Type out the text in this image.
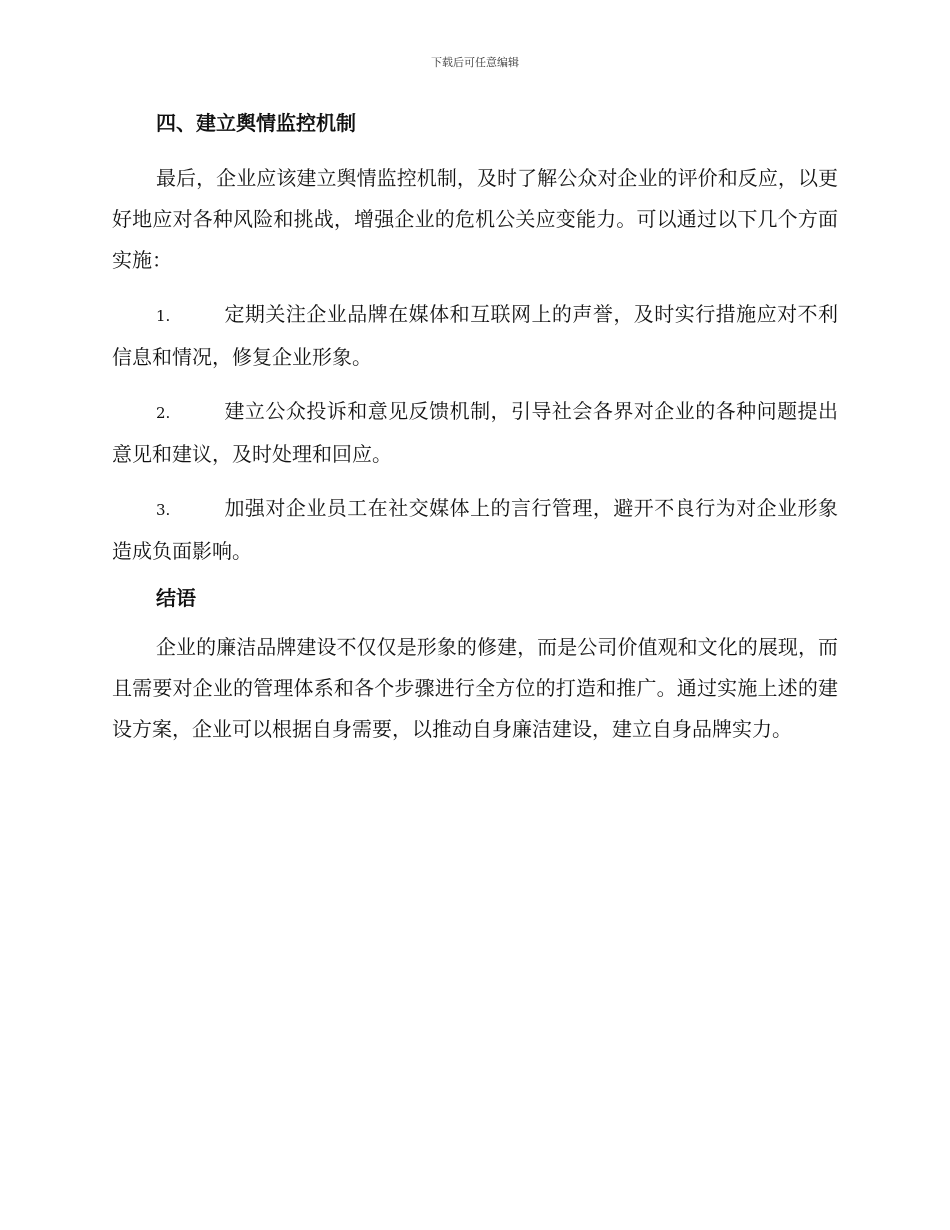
下载后可任意编辑
四、建立舆情监控机制

最后，企业应该建立舆情监控机制，及时了解公众对企业的评价和反应，以更好地应对各种风险和挑战，增强企业的危机公关应变能力。可以通过以下几个方面实施：

1.	定期关注企业品牌在媒体和互联网上的声誉，及时实行措施应对不利信息和情况，修复企业形象。

2.	建立公众投诉和意见反馈机制，引导社会各界对企业的各种问题提出意见和建议，及时处理和回应。

3.	加强对企业员工在社交媒体上的言行管理，避开不良行为对企业形象造成负面影响。

结语

企业的廉洁品牌建设不仅仅是形象的修建，而是公司价值观和文化的展现，而且需要对企业的管理体系和各个步骤进行全方位的打造和推广。通过实施上述的建设方案，企业可以根据自身需要，以推动自身廉洁建设，建立自身品牌实力。
